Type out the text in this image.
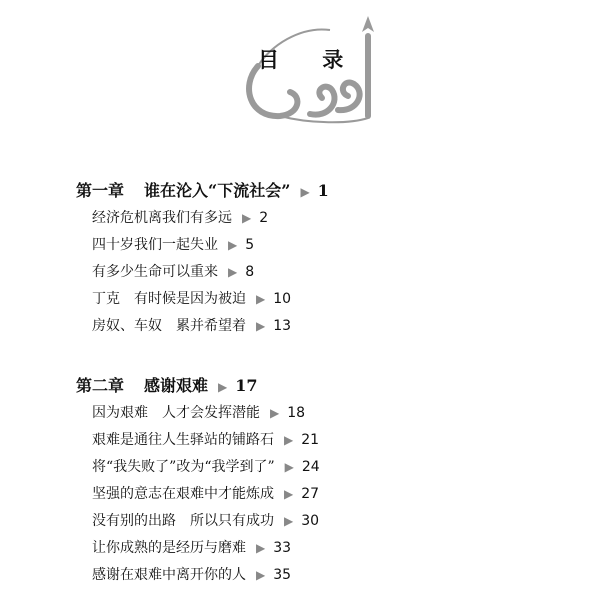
目 录
第一章 谁在沦入“下流社会” ▶ 1
经济危机离我们有多远 ▶ 2
四十岁我们一起失业 ▶ 5
有多少生命可以重来 ▶ 8
丁克 有时候是因为被迫 ▶ 10
房奴、车奴 累并希望着 ▶ 13
第二章 感谢艰难 ▶ 17
因为艰难 人才会发挥潜能 ▶ 18
艰难是通往人生驿站的铺路石 ▶ 21
将“我失败了”改为“我学到了” ▶ 24
坚强的意志在艰难中才能炼成 ▶ 27
没有别的出路 所以只有成功 ▶ 30
让你成熟的是经历与磨难 ▶ 33
感谢在艰难中离开你的人 ▶ 35
